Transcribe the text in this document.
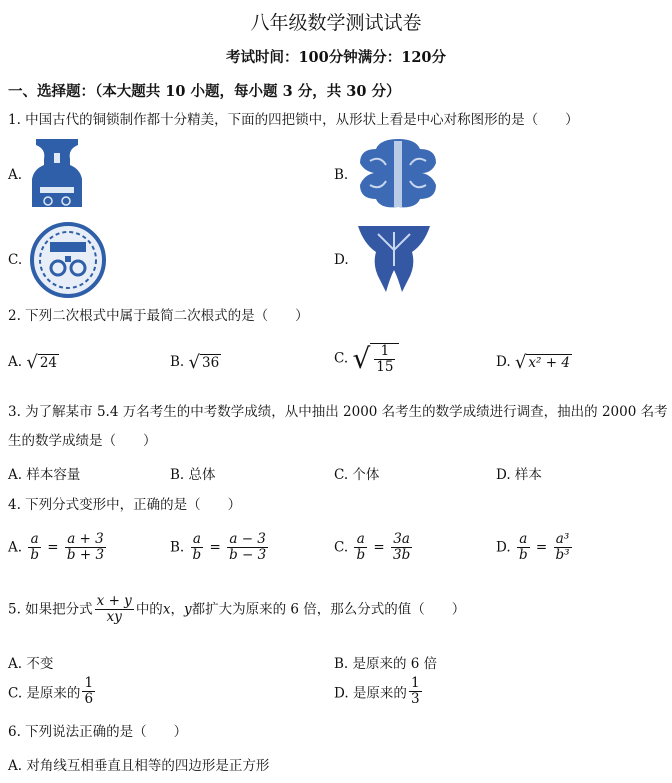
八年级数学测试试卷
考试时间：100分钟满分：120分
一、选择题：（本大题共 10 小题，每小题 3 分，共 30 分）
1. 中国古代的铜锁制作都十分精美，下面的四把锁中，从形状上看是中心对称图形的是（　　）
A.	B.
C.	D.
2. 下列二次根式中属于最简二次根式的是（　　）
A. √ 24	B. √ 36	C. √ $\frac{1}{15}$	D. √ x² + 4
3. 为了解某市 5.4 万名考生的中考数学成绩，从中抽出 2000 名考生的数学成绩进行调查，抽出的 2000 名考
生的数学成绩是（　　）
A. 样本容量	B. 总体	C. 个体	D. 样本
4. 下列分式变形中，正确的是（　　）
A. $\frac{a}{b} = \frac{a + 3}{b + 3}$	B. $\frac{a}{b} = \frac{a - 3}{b - 3}$	C. $\frac{a}{b} = \frac{3a}{3b}$	D. $\frac{a}{b} = \frac{\text{a³}}{\text{b³}}$
5. 如果把分式 $\frac{x + y}{xy}$ 中的x，y都扩大为原来的 6 倍，那么分式的值（　　）
A. 不变	B. 是原来的 6 倍
C. 是原来的 $\frac{1}{6}$	D. 是原来的 $\frac{1}{3}$
6. 下列说法正确的是（　　）
A. 对角线互相垂直且相等的四边形是正方形
